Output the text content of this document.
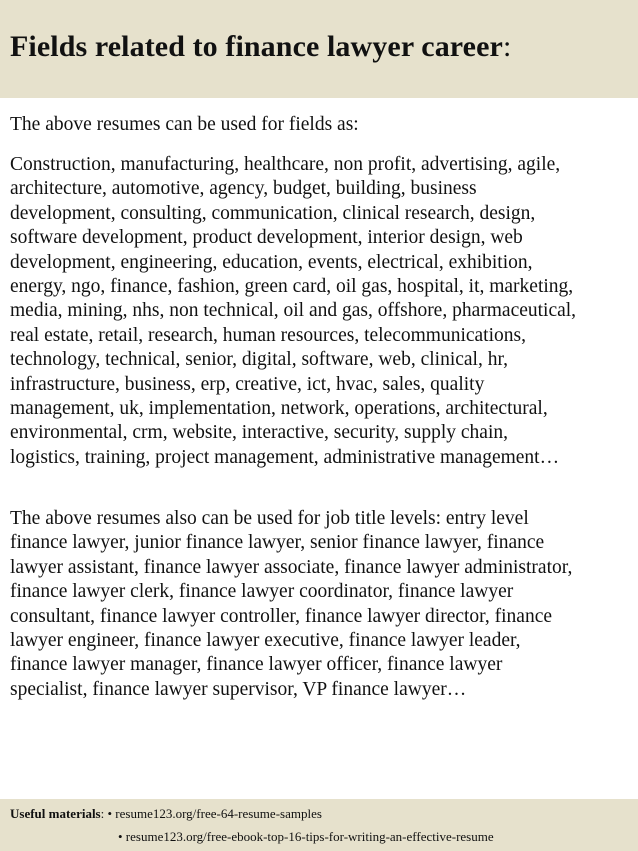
Fields related to finance lawyer career:

The above resumes can be used for fields as:

Construction, manufacturing, healthcare, non profit, advertising, agile,
architecture, automotive, agency, budget, building, business
development, consulting, communication, clinical research, design,
software development, product development, interior design, web
development, engineering, education, events, electrical, exhibition,
energy, ngo, finance, fashion, green card, oil gas, hospital, it, marketing,
media, mining, nhs, non technical, oil and gas, offshore, pharmaceutical,
real estate, retail, research, human resources, telecommunications,
technology, technical, senior, digital, software, web, clinical, hr,
infrastructure, business, erp, creative, ict, hvac, sales, quality
management, uk, implementation, network, operations, architectural,
environmental, crm, website, interactive, security, supply chain,
logistics, training, project management, administrative management…
The above resumes also can be used for job title levels: entry level
finance lawyer, junior finance lawyer, senior finance lawyer, finance
lawyer assistant, finance lawyer associate, finance lawyer administrator,
finance lawyer clerk, finance lawyer coordinator, finance lawyer
consultant, finance lawyer controller, finance lawyer director, finance
lawyer engineer, finance lawyer executive, finance lawyer leader,
finance lawyer manager, finance lawyer officer, finance lawyer
specialist, finance lawyer supervisor, VP finance lawyer…
Useful materials: • resume123.org/free-64-resume-samples
• resume123.org/free-ebook-top-16-tips-for-writing-an-effective-resume
